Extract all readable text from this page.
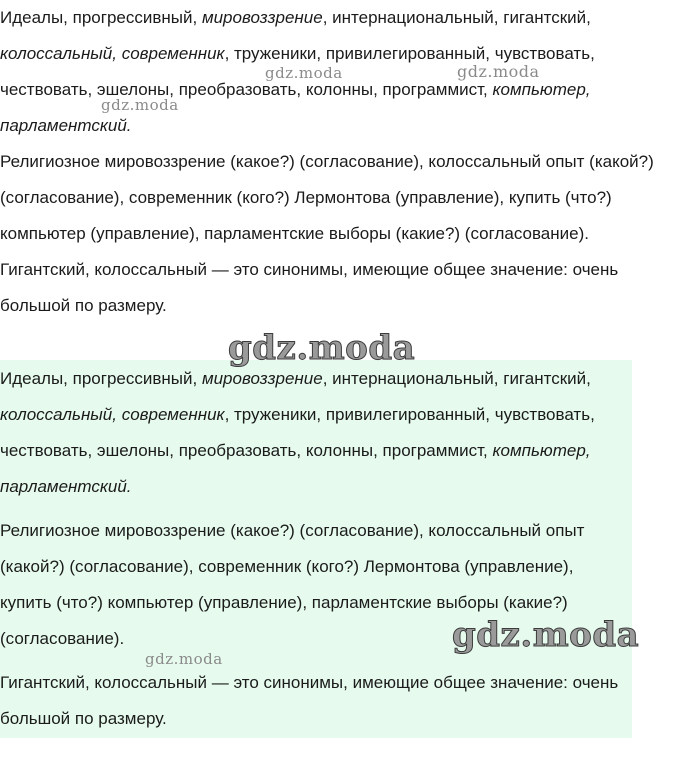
Идеалы, прогрессивный, мировоззрение, интернациональный, гигантский, колоссальный, современник, труженики, привилегированный, чувствовать, чествовать, эшелоны, преобразовать, колонны, программист, компьютер, парламентский.

Религиозное мировоззрение (какое?) (согласование), колоссальный опыт (какой?) (согласование), современник (кого?) Лермонтова (управление), купить (что?) компьютер (управление), парламентские выборы (какие?) (согласование).

Гигантский, колоссальный — это синонимы, имеющие общее значение: очень большой по размеру.

Идеалы, прогрессивный, мировоззрение, интернациональный, гигантский, колоссальный, современник, труженики, привилегированный, чувствовать, чествовать, эшелоны, преобразовать, колонны, программист, компьютер, парламентский.

Религиозное мировоззрение (какое?) (согласование), колоссальный опыт (какой?) (согласование), современник (кого?) Лермонтова (управление), купить (что?) компьютер (управление), парламентские выборы (какие?) (согласование).

Гигантский, колоссальный — это синонимы, имеющие общее значение: очень большой по размеру.

gdz.moda	gdz.moda
gdz.moda
gdz.moda
gdz.moda
gdz.moda
